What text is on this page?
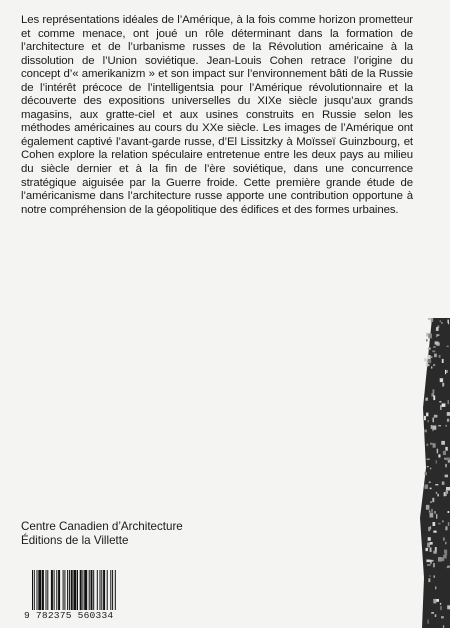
Les représentations idéales de l’Amérique, à la fois comme horizon prometteur et comme menace, ont joué un rôle déterminant dans la formation de l’architecture et de l’urbanisme russes de la Révolution américaine à la dissolution de l’Union soviétique. Jean-Louis Cohen retrace l’origine du concept d’« amerikanizm » et son impact sur l’environnement bâti de la Russie de l’intérêt précoce de l’intelligentsia pour l’Amérique révolutionnaire et la découverte des expositions universelles du XIXe siècle jusqu’aux grands magasins, aux gratte-ciel et aux usines construits en Russie selon les méthodes américaines au cours du XXe siècle. Les images de l’Amérique ont également captivé l’avant-garde russe, d’El Lissitzky à Moïsseï Guinzbourg, et Cohen explore la relation spéculaire entretenue entre les deux pays au milieu du siècle dernier et à la fin de l’ère soviétique, dans une concurrence stratégique aiguisée par la Guerre froide. Cette première grande étude de l’américanisme dans l’architecture russe apporte une contribution opportune à notre compréhension de la géopolitique des édifices et des formes urbaines.

Centre Canadien d’Architecture
Éditions de la Villette
9 782375 560334
